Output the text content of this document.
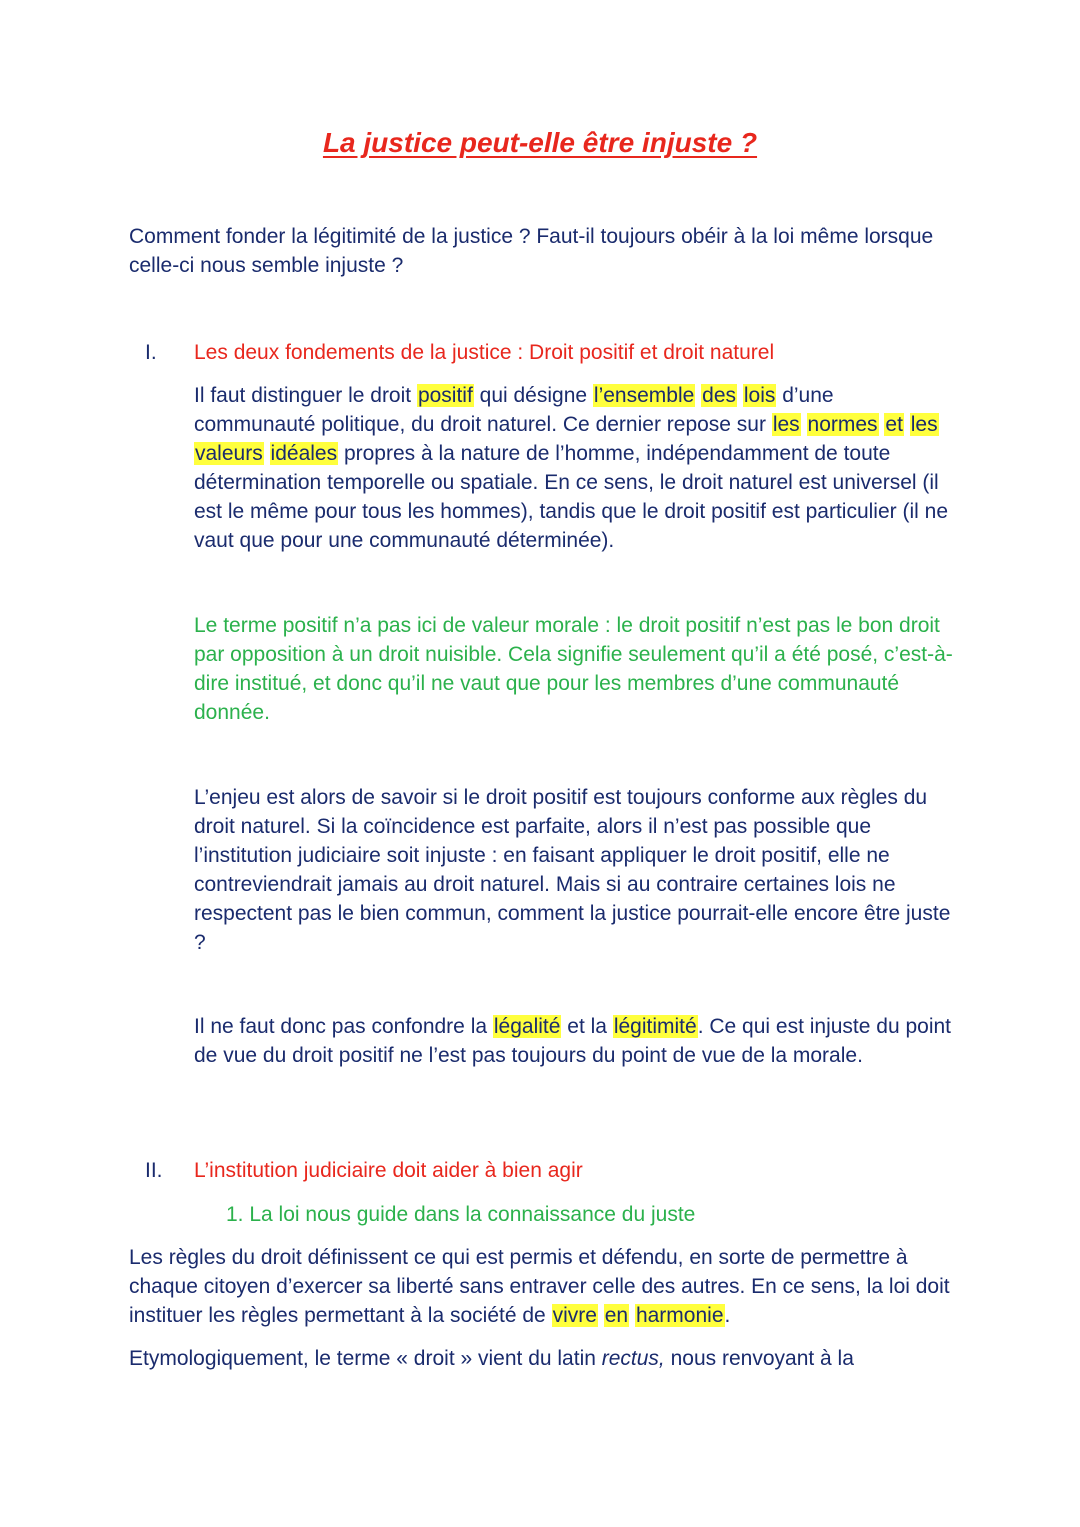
La justice peut-elle être injuste ?

Comment fonder la légitimité de la justice ? Faut-il toujours obéir à la loi même lorsque celle-ci nous semble injuste ?

I. Les deux fondements de la justice : Droit positif et droit naturel

Il faut distinguer le droit positif qui désigne l’ensemble des lois d’une communauté politique, du droit naturel. Ce dernier repose sur les normes et les valeurs idéales propres à la nature de l’homme, indépendamment de toute détermination temporelle ou spatiale. En ce sens, le droit naturel est universel (il est le même pour tous les hommes), tandis que le droit positif est particulier (il ne vaut que pour une communauté déterminée).

Le terme positif n’a pas ici de valeur morale : le droit positif n’est pas le bon droit par opposition à un droit nuisible. Cela signifie seulement qu’il a été posé, c’est-à-dire institué, et donc qu’il ne vaut que pour les membres d’une communauté donnée.

L’enjeu est alors de savoir si le droit positif est toujours conforme aux règles du droit naturel. Si la coïncidence est parfaite, alors il n’est pas possible que l’institution judiciaire soit injuste : en faisant appliquer le droit positif, elle ne contreviendrait jamais au droit naturel. Mais si au contraire certaines lois ne respectent pas le bien commun, comment la justice pourrait-elle encore être juste ?

Il ne faut donc pas confondre la légalité et la légitimité. Ce qui est injuste du point de vue du droit positif ne l’est pas toujours du point de vue de la morale.

II. L’institution judiciaire doit aider à bien agir

1. La loi nous guide dans la connaissance du juste

Les règles du droit définissent ce qui est permis et défendu, en sorte de permettre à chaque citoyen d’exercer sa liberté sans entraver celle des autres. En ce sens, la loi doit instituer les règles permettant à la société de vivre en harmonie.

Etymologiquement, le terme « droit » vient du latin rectus, nous renvoyant à la
